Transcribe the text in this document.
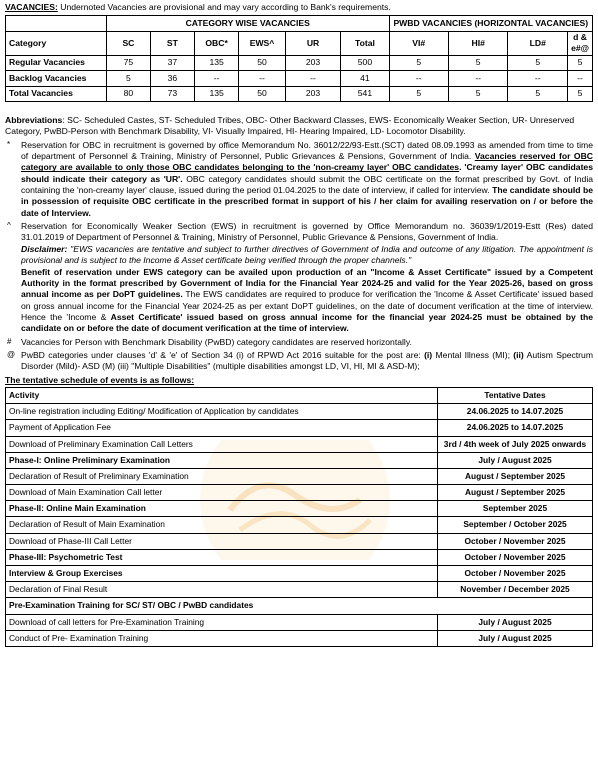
VACANCIES: Undernoted Vacancies are provisional and may vary according to Bank's requirements.
	CATEGORY WISE VACANCIES						PWBD VACANCIES (HORIZONTAL VACANCIES)			
Category	SC	ST	OBC*	EWS^	UR	Total	VI#	HI#	LD#	d & e#@
Regular Vacancies	75	37	135	50	203	500	5	5	5	5
Backlog Vacancies	5	36	--	--	--	41	--	--	--	--
Total Vacancies	80	73	135	50	203	541	5	5	5	5
Abbreviations: SC- Scheduled Castes, ST- Scheduled Tribes, OBC- Other Backward Classes, EWS- Economically Weaker Section, UR- Unreserved Category, PwBD-Person with Benchmark Disability, VI- Visually Impaired, HI- Hearing Impaired, LD- Locomotor Disability.
*	Reservation for OBC in recruitment is governed by office Memorandum No. 36012/22/93-Estt.(SCT) dated 08.09.1993 as amended from time to time of department of Personnel & Training, Ministry of Personnel, Public Grievances & Pensions, Government of India. Vacancies reserved for OBC category are available to only those OBC candidates belonging to the 'non-creamy layer' OBC candidates. 'Creamy layer' OBC candidates should indicate their category as 'UR'. OBC category candidates should submit the OBC certificate on the format prescribed by Govt. of India containing the 'non-creamy layer' clause, issued during the period 01.04.2025 to the date of interview, if called for interview. The candidate should be in possession of requisite OBC certificate in the prescribed format in support of his / her claim for availing reservation on / or before the date of Interview.
^	Reservation for Economically Weaker Section (EWS) in recruitment is governed by Office Memorandum no. 36039/1/2019-Estt (Res) dated 31.01.2019 of Department of Personnel & Training, Ministry of Personnel, Public Grievance & Pensions, Government of India.
Disclaimer: "EWS vacancies are tentative and subject to further directives of Government of India and outcome of any litigation. The appointment is provisional and is subject to the Income & Asset certificate being verified through the proper channels."
Benefit of reservation under EWS category can be availed upon production of an "Income & Asset Certificate" issued by a Competent Authority in the format prescribed by Government of India for the Financial Year 2024-25 and valid for the Year 2025-26, based on gross annual income as per DoPT guidelines. The EWS candidates are required to produce for verification the 'Income & Asset Certificate' issued based on gross annual income for the Financial Year 2024-25 as per extant DoPT guidelines, on the date of document verification at the time of interview. Hence the 'Income & Asset Certificate' issued based on gross annual income for the financial year 2024-25 must be obtained by the candidate on or before the date of document verification at the time of interview.
#	Vacancies for Person with Benchmark Disability (PwBD) category candidates are reserved horizontally.
@ PwBD categories under clauses 'd' & 'e' of Section 34 (i) of RPWD Act 2016 suitable for the post are: (i) Mental Illness (MI); (ii) Autism Spectrum Disorder (Mild)- ASD (M) (iii) "Multiple Disabilities" (multiple disabilities amongst LD, VI, HI, MI & ASD-M);
The tentative schedule of events is as follows:
Activity	Tentative Dates
On-line registration including Editing/ Modification of Application by candidates	24.06.2025 to 14.07.2025
Payment of Application Fee	24.06.2025 to 14.07.2025
Download of Preliminary Examination Call Letters	3rd / 4th week of July 2025 onwards
Phase-I: Online Preliminary Examination	July / August 2025
Declaration of Result of Preliminary Examination	August / September 2025
Download of Main Examination Call letter	August / September 2025
Phase-II: Online Main Examination	September 2025
Declaration of Result of Main Examination	September / October 2025
Download of Phase-III Call Letter	October / November 2025
Phase-III: Psychometric Test	October / November 2025
Interview & Group Exercises	October / November 2025
Declaration of Final Result	November / December 2025
Pre-Examination Training for SC/ ST/ OBC / PwBD candidates	
Download of call letters for Pre-Examination Training	July / August 2025
Conduct of Pre- Examination Training	July / August 2025
